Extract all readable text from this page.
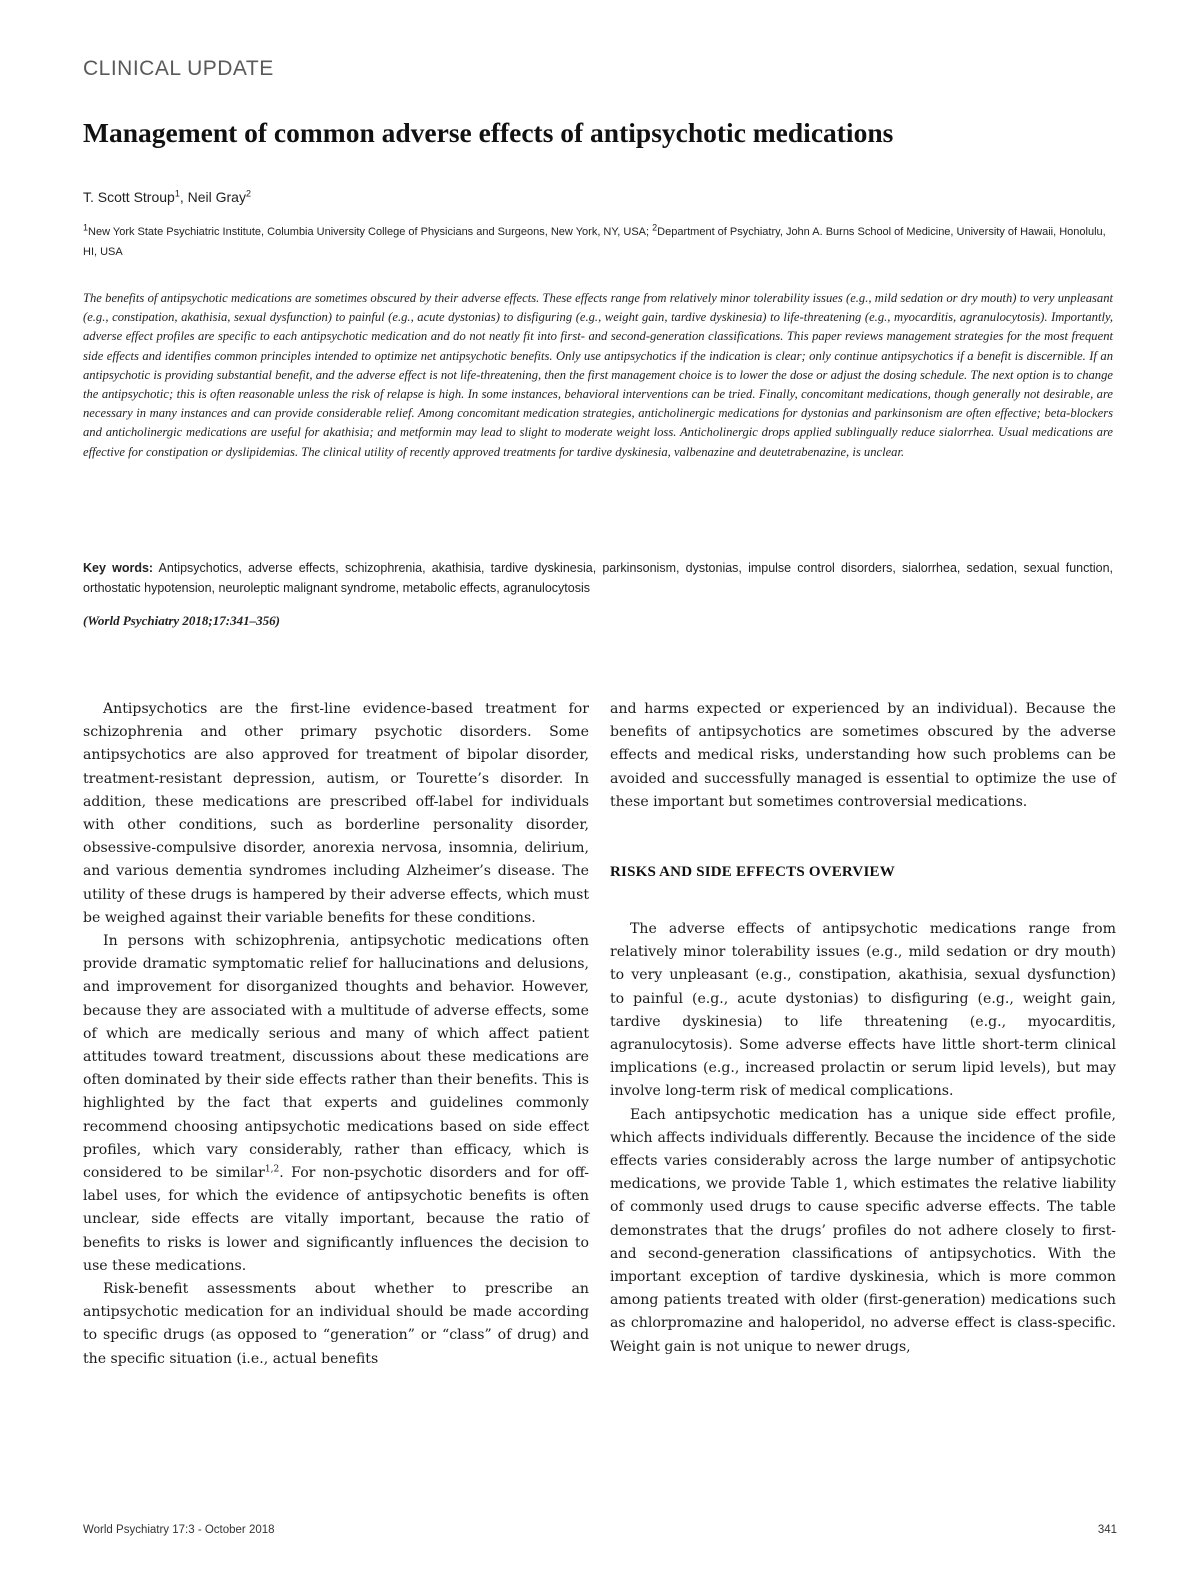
CLINICAL UPDATE
Management of common adverse effects of antipsychotic medications
T. Scott Stroup$^1$, Neil Gray$^2$
$^1$New York State Psychiatric Institute, Columbia University College of Physicians and Surgeons, New York, NY, USA; $^2$Department of Psychiatry, John A. Burns School of Medicine, University of Hawaii, Honolulu, HI, USA
The benefits of antipsychotic medications are sometimes obscured by their adverse effects. These effects range from relatively minor tolerability issues (e.g., mild sedation or dry mouth) to very unpleasant (e.g., constipation, akathisia, sexual dysfunction) to painful (e.g., acute dystonias) to disfiguring (e.g., weight gain, tardive dyskinesia) to life-threatening (e.g., myocarditis, agranulocytosis). Importantly, adverse effect profiles are specific to each antipsychotic medication and do not neatly fit into first- and second-generation classifications. This paper reviews management strategies for the most frequent side effects and identifies common principles intended to optimize net antipsychotic benefits. Only use antipsychotics if the indication is clear; only continue antipsychotics if a benefit is discernible. If an antipsychotic is providing substantial benefit, and the adverse effect is not life-threatening, then the first management choice is to lower the dose or adjust the dosing schedule. The next option is to change the antipsychotic; this is often reasonable unless the risk of relapse is high. In some instances, behavioral interventions can be tried. Finally, concomitant medications, though generally not desirable, are necessary in many instances and can provide considerable relief. Among concomitant medication strategies, anticholinergic medications for dystonias and parkinsonism are often effective; beta-blockers and anticholinergic medications are useful for akathisia; and metformin may lead to slight to moderate weight loss. Anticholinergic drops applied sublingually reduce sialorrhea. Usual medications are effective for constipation or dyslipidemias. The clinical utility of recently approved treatments for tardive dyskinesia, valbenazine and deutetrabenazine, is unclear.
Key words: Antipsychotics, adverse effects, schizophrenia, akathisia, tardive dyskinesia, parkinsonism, dystonias, impulse control disorders, sialorrhea, sedation, sexual function, orthostatic hypotension, neuroleptic malignant syndrome, metabolic effects, agranulocytosis
(World Psychiatry 2018;17:341–356)

Antipsychotics are the first-line evidence-based treatment for schizophrenia and other primary psychotic disorders. Some antipsychotics are also approved for treatment of bipolar disorder, treatment-resistant depression, autism, or Tourette’s disorder. In addition, these medications are prescribed off-label for individuals with other conditions, such as borderline personality disorder, obsessive-compulsive disorder, anorexia nervosa, insomnia, delirium, and various dementia syndromes including Alzheimer’s disease. The utility of these drugs is hampered by their adverse effects, which must be weighed against their variable benefits for these conditions.

In persons with schizophrenia, antipsychotic medications often provide dramatic symptomatic relief for hallucinations and delusions, and improvement for disorganized thoughts and behavior. However, because they are associated with a multitude of adverse effects, some of which are medically serious and many of which affect patient attitudes toward treatment, discussions about these medications are often dominated by their side effects rather than their benefits. This is highlighted by the fact that experts and guidelines commonly recommend choosing antipsychotic medications based on side effect profiles, which vary considerably, rather than efficacy, which is considered to be similar$^{1,2}$. For non-psychotic disorders and for off-label uses, for which the evidence of antipsychotic benefits is often unclear, side effects are vitally important, because the ratio of benefits to risks is lower and significantly influences the decision to use these medications.

Risk-benefit assessments about whether to prescribe an antipsychotic medication for an individual should be made according to specific drugs (as opposed to “generation” or “class” of drug) and the specific situation (i.e., actual benefits

and harms expected or experienced by an individual). Because the benefits of antipsychotics are sometimes obscured by the adverse effects and medical risks, understanding how such problems can be avoided and successfully managed is essential to optimize the use of these important but sometimes controversial medications.

RISKS AND SIDE EFFECTS OVERVIEW

The adverse effects of antipsychotic medications range from relatively minor tolerability issues (e.g., mild sedation or dry mouth) to very unpleasant (e.g., constipation, akathisia, sexual dysfunction) to painful (e.g., acute dystonias) to disfiguring (e.g., weight gain, tardive dyskinesia) to life threatening (e.g., myocarditis, agranulocytosis). Some adverse effects have little short-term clinical implications (e.g., increased prolactin or serum lipid levels), but may involve long-term risk of medical complications.

Each antipsychotic medication has a unique side effect profile, which affects individuals differently. Because the incidence of the side effects varies considerably across the large number of antipsychotic medications, we provide Table 1, which estimates the relative liability of commonly used drugs to cause specific adverse effects. The table demonstrates that the drugs’ profiles do not adhere closely to first- and second-generation classifications of antipsychotics. With the important exception of tardive dyskinesia, which is more common among patients treated with older (first-generation) medications such as chlorpromazine and haloperidol, no adverse effect is class-specific. Weight gain is not unique to newer drugs,

World Psychiatry 17:3 - October 2018	341
